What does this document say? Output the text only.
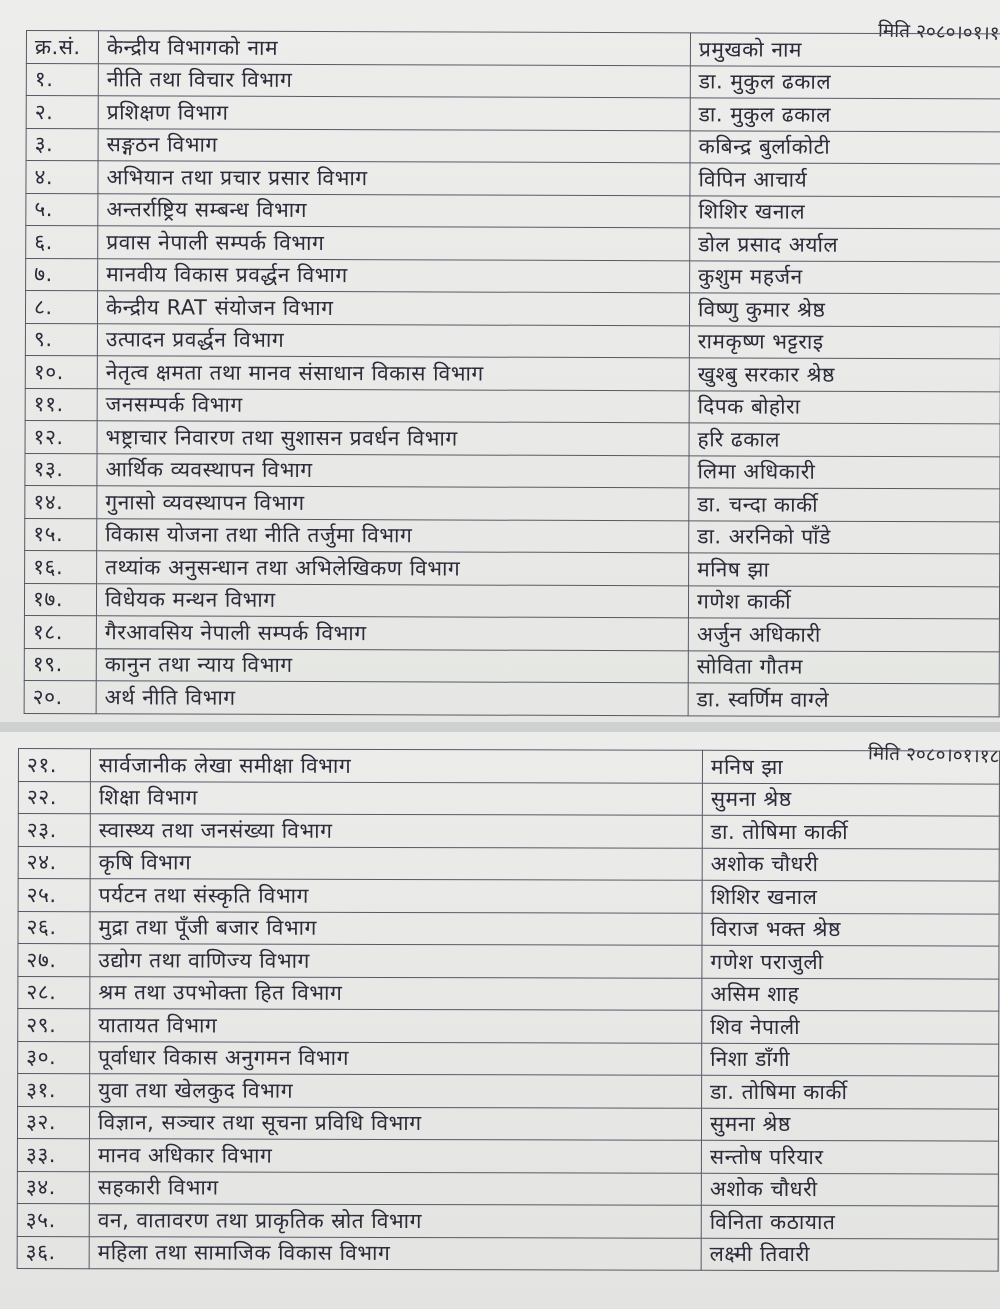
मिति २०८०।०१।१
क्र.सं.	केन्द्रीय विभागको नाम	प्रमुखको नाम
१.	नीति तथा विचार विभाग	डा. मुकुल ढकाल
२.	प्रशिक्षण विभाग	डा. मुकुल ढकाल
३.	सङ्गठन विभाग	कबिन्द्र बुर्लाकोटी
४.	अभियान तथा प्रचार प्रसार विभाग	विपिन आचार्य
५.	अन्तर्राष्ट्रिय सम्बन्ध विभाग	शिशिर खनाल
६.	प्रवास नेपाली सम्पर्क विभाग	डोल प्रसाद अर्याल
७.	मानवीय विकास प्रवर्द्धन विभाग	कुशुम महर्जन
८.	केन्द्रीय RAT संयोजन विभाग	विष्णु कुमार श्रेष्ठ
९.	उत्पादन प्रवर्द्धन विभाग	रामकृष्ण भट्टराइ
१०.	नेतृत्व क्षमता तथा मानव संसाधान विकास विभाग	खुश्बु सरकार श्रेष्ठ
११.	जनसम्पर्क विभाग	दिपक बोहोरा
१२.	भष्ट्राचार निवारण तथा सुशासन प्रवर्धन विभाग	हरि ढकाल
१३.	आर्थिक व्यवस्थापन विभाग	लिमा अधिकारी
१४.	गुनासो व्यवस्थापन विभाग	डा. चन्दा कार्की
१५.	विकास योजना तथा नीति तर्जुमा विभाग	डा. अरनिको पाँडे
१६.	तथ्यांक अनुसन्धान तथा अभिलेखिकण विभाग	मनिष झा
१७.	विधेयक मन्थन विभाग	गणेश कार्की
१८.	गैरआवसिय नेपाली सम्पर्क विभाग	अर्जुन अधिकारी
१९.	कानुन तथा न्याय विभाग	सोविता गौतम
२०.	अर्थ नीति विभाग	डा. स्वर्णिम वाग्ले
मिति २०८०।०१।१८
२१.	सार्वजानीक लेखा समीक्षा विभाग	मनिष झा
२२.	शिक्षा विभाग	सुमना श्रेष्ठ
२३.	स्वास्थ्य तथा जनसंख्या विभाग	डा. तोषिमा कार्की
२४.	कृषि विभाग	अशोक चौधरी
२५.	पर्यटन तथा संस्कृति विभाग	शिशिर खनाल
२६.	मुद्रा तथा पूँजी बजार विभाग	विराज भक्त श्रेष्ठ
२७.	उद्योग तथा वाणिज्य विभाग	गणेश पराजुली
२८.	श्रम तथा उपभोक्ता हित विभाग	असिम शाह
२९.	यातायत विभाग	शिव नेपाली
३०.	पूर्वाधार विकास अनुगमन विभाग	निशा डाँगी
३१.	युवा तथा खेलकुद विभाग	डा. तोषिमा कार्की
३२.	विज्ञान, सञ्चार तथा सूचना प्रविधि विभाग	सुमना श्रेष्ठ
३३.	मानव अधिकार विभाग	सन्तोष परियार
३४.	सहकारी विभाग	अशोक चौधरी
३५.	वन, वातावरण तथा प्राकृतिक स्रोत विभाग	विनिता कठायात
३६.	महिला तथा सामाजिक विकास विभाग	लक्ष्मी तिवारी
